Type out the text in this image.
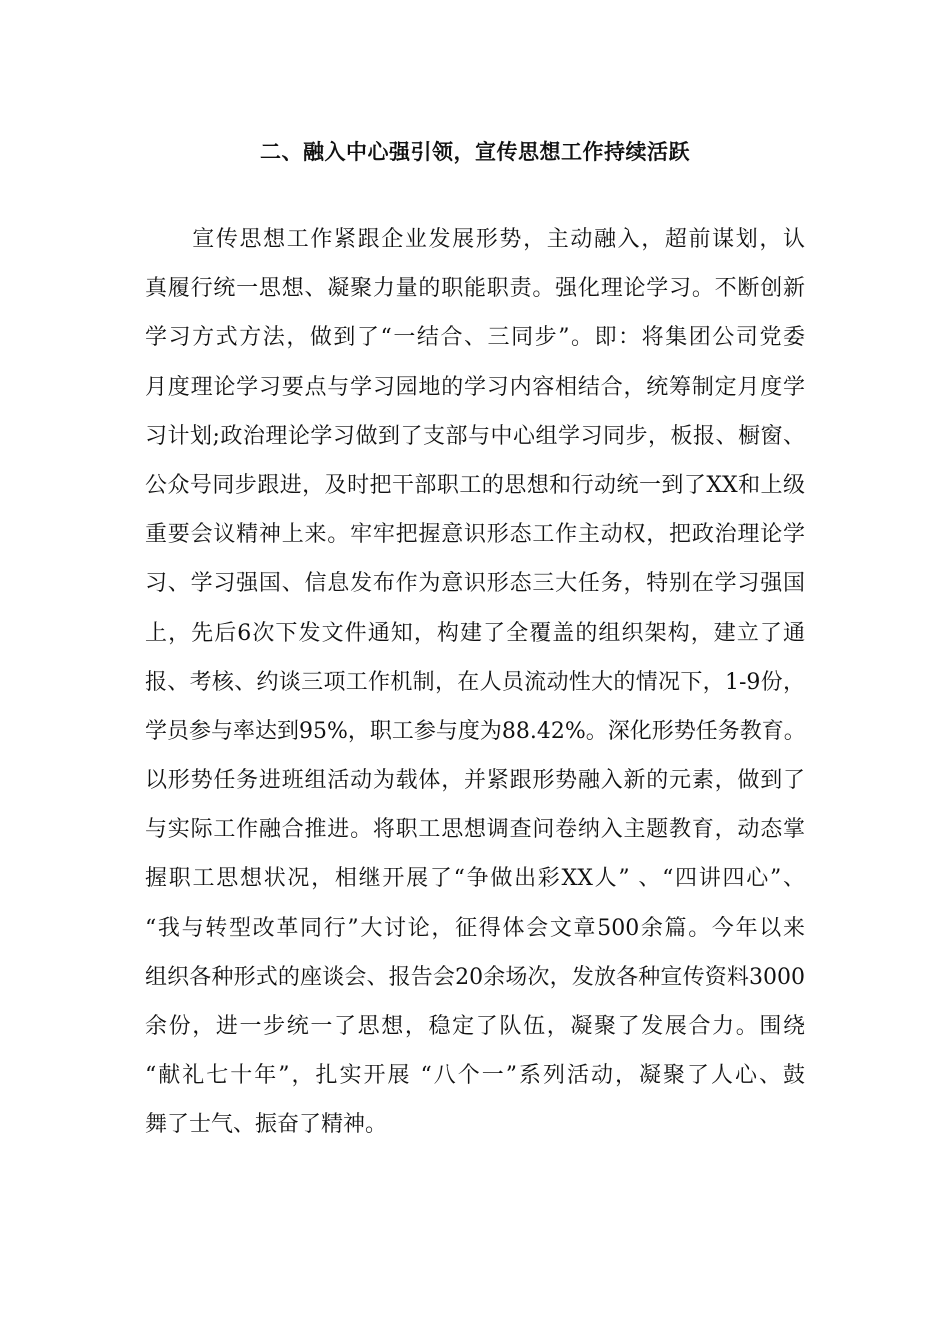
二、融入中心强引领，宣传思想工作持续活跃
　　宣传思想工作紧跟企业发展形势，主动融入，超前谋划，认
真履行统一思想、凝聚力量的职能职责。强化理论学习。不断创新
学习方式方法，做到了“一结合、三同步”。即：将集团公司党委
月度理论学习要点与学习园地的学习内容相结合，统筹制定月度学
习计划;政治理论学习做到了支部与中心组学习同步，板报、橱窗、
公众号同步跟进，及时把干部职工的思想和行动统一到了XX和上级
重要会议精神上来。牢牢把握意识形态工作主动权，把政治理论学
习、学习强国、信息发布作为意识形态三大任务，特别在学习强国
上，先后6次下发文件通知，构建了全覆盖的组织架构，建立了通
报、考核、约谈三项工作机制，在人员流动性大的情况下，1-9份，
学员参与率达到95%，职工参与度为88.42%。深化形势任务教育。
以形势任务进班组活动为载体，并紧跟形势融入新的元素，做到了
与实际工作融合推进。将职工思想调查问卷纳入主题教育，动态掌
握职工思想状况，相继开展了“争做出彩XX人” 、“四讲四心”、
“我与转型改革同行”大讨论，征得体会文章500余篇。今年以来
组织各种形式的座谈会、报告会20余场次，发放各种宣传资料3000
余份，进一步统一了思想，稳定了队伍，凝聚了发展合力。围绕
“献礼七十年”，扎实开展 “八个一”系列活动，凝聚了人心、鼓
舞了士气、振奋了精神。
